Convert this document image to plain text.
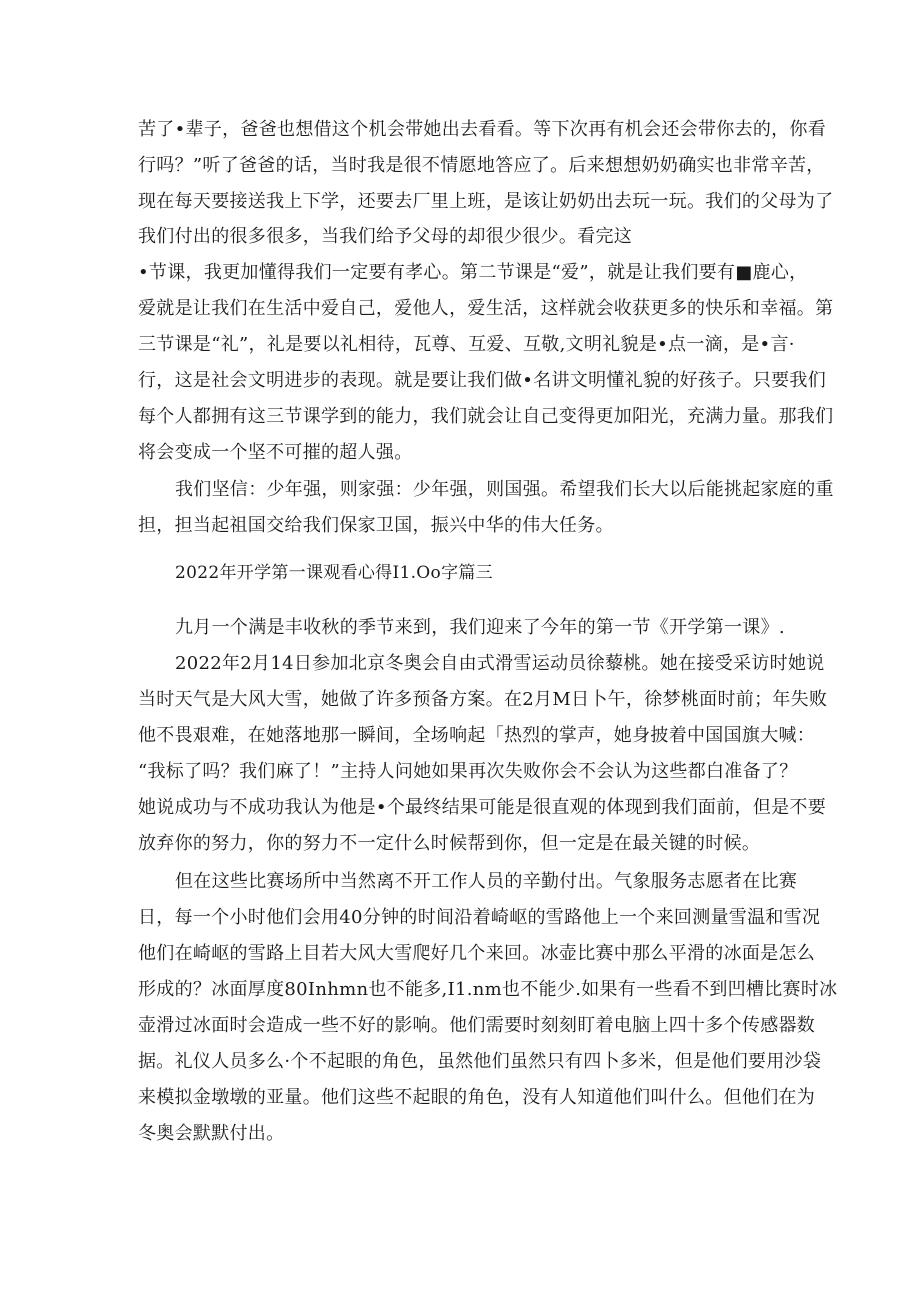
苦了•辈子，爸爸也想借这个机会带她出去看看。等下次再有机会还会带你去的，你看
行吗？”听了爸爸的话，当时我是很不情愿地答应了。后来想想奶奶确实也非常辛苦，
现在每天要接送我上下学，还要去厂里上班，是该让奶奶出去玩一玩。我们的父母为了
我们付出的很多很多，当我们给予父母的却很少很少。看完这
•节课，我更加懂得我们一定要有孝心。第二节课是“爱”，就是让我们要有■鹿心，
爱就是让我们在生活中爱自己，爱他人，爱生活，这样就会收获更多的快乐和幸福。第
三节课是“礼”，礼是要以礼相待，瓦尊、互爱、互敬,文明礼貌是•点一滴，是•言·
行，这是社会文明进步的表现。就是要让我们做•名讲文明懂礼貌的好孩子。只要我们
每个人都拥有这三节课学到的能力，我们就会让自己变得更加阳光，充满力量。那我们
将会变成一个坚不可摧的超人强。
我们坚信：少年强，则家强：少年强，则国强。希望我们长大以后能挑起家庭的重
担，担当起祖国交给我们保家卫国，振兴中华的伟大任务。
2022年开学第一课观看心得I1.Oo字篇三
九月一个满是丰收秋的季节来到，我们迎来了今年的第一节《开学第一课》.
2022年2月14日参加北京冬奥会自由式滑雪运动员徐藜桃。她在接受采访时她说
当时天气是大风大雪，她做了许多预备方案。在2月M日卜午，徐梦桃面时前；年失败
他不畏艰难，在她落地那一瞬间，全场响起「热烈的掌声，她身披着中国国旗大喊：
“我标了吗？我们麻了！”主持人问她如果再次失败你会不会认为这些都白准备了？
她说成功与不成功我认为他是•个最终结果可能是很直观的体现到我们面前，但是不要
放弃你的努力，你的努力不一定什么时候帮到你，但一定是在最关键的时候。
但在这些比赛场所中当然离不开工作人员的辛勤付出。气象服务志愿者在比赛
日，每一个小时他们会用40分钟的时间沿着崎岖的雪路他上一个来回测量雪温和雪况
他们在崎岖的雪路上目若大风大雪爬好几个来回。冰壶比赛中那么平滑的冰面是怎么
形成的？冰面厚度80Inhmn也不能多,I1.nm也不能少.如果有一些看不到凹槽比赛时冰
壶滑过冰面时会造成一些不好的影响。他们需要时刻刻盯着电脑上四十多个传感器数
据。礼仪人员多么·个不起眼的角色，虽然他们虽然只有四卜多米，但是他们要用沙袋
来模拟金墩墩的亚量。他们这些不起眼的角色，没有人知道他们叫什么。但他们在为
冬奥会默默付出。
